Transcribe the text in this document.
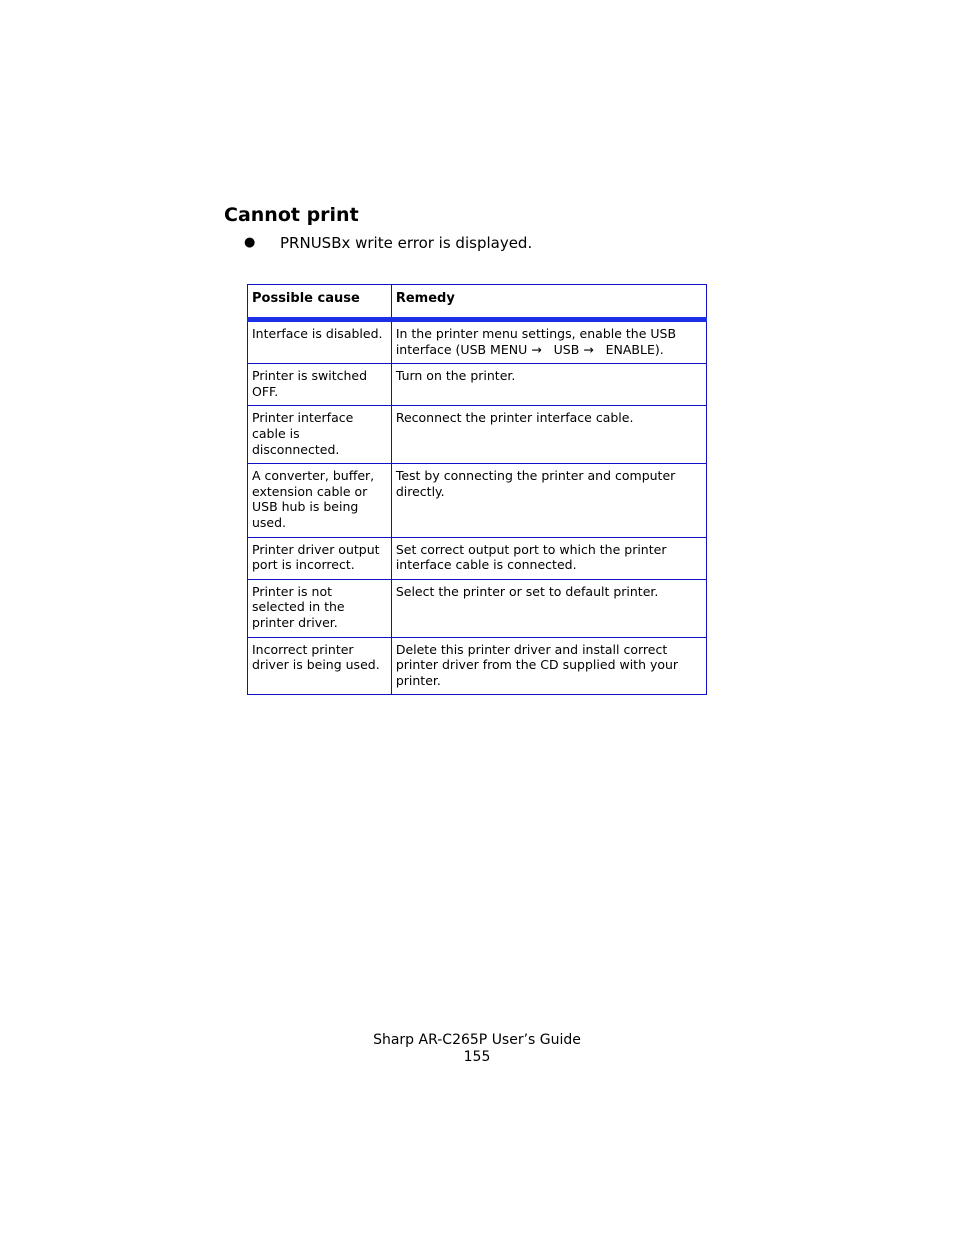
Cannot print
●	PRNUSBx write error is displayed.
Possible cause	Remedy
Interface is disabled.	In the printer menu settings, enable the USB interface (USB MENU →   USB →   ENABLE).
Printer is switched OFF.	Turn on the printer.
Printer interface cable is disconnected.	Reconnect the printer interface cable.
A converter, buffer, extension cable or USB hub is being used.	Test by connecting the printer and computer directly.
Printer driver output port is incorrect.	Set correct output port to which the printer interface cable is connected.
Printer is not selected in the printer driver.	Select the printer or set to default printer.
Incorrect printer driver is being used.	Delete this printer driver and install correct printer driver from the CD supplied with your printer.
Sharp AR-C265P User’s Guide
155
